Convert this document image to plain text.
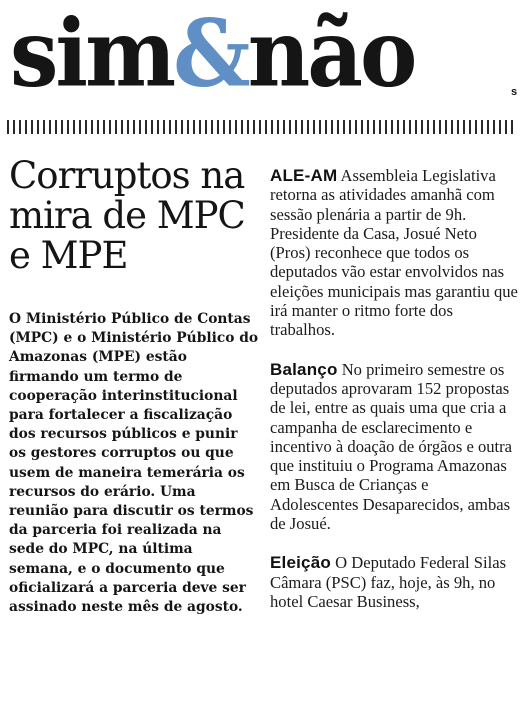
sim&não	s
Corruptos na mira de MPC e MPE

O Ministério Público de Contas (MPC) e o Ministério Público do Amazonas (MPE) estão firmando um termo de cooperação interinstitucional para fortalecer a fiscalização dos recursos públicos e punir os gestores corruptos ou que usem de maneira temerária os recursos do erário. Uma reunião para discutir os termos da parceria foi realizada na sede do MPC, na última semana, e o documento que oficializará a parceria deve ser assinado neste mês de agosto.

ALE-AM Assembleia Legislativa retorna as atividades amanhã com sessão plenária a partir de 9h. Presidente da Casa, Josué Neto (Pros) reconhece que todos os deputados vão estar envolvidos nas eleições municipais mas garantiu que irá manter o ritmo forte dos trabalhos.

Balanço No primeiro semestre os deputados aprovaram 152 propostas de lei, entre as quais uma que cria a campanha de esclarecimento e incentivo à doação de órgãos e outra que instituiu o Programa Amazonas em Busca de Crianças e Adolescentes Desaparecidos, ambas de Josué.

Eleição O Deputado Federal Silas Câmara (PSC) faz, hoje, às 9h, no hotel Caesar Business,
